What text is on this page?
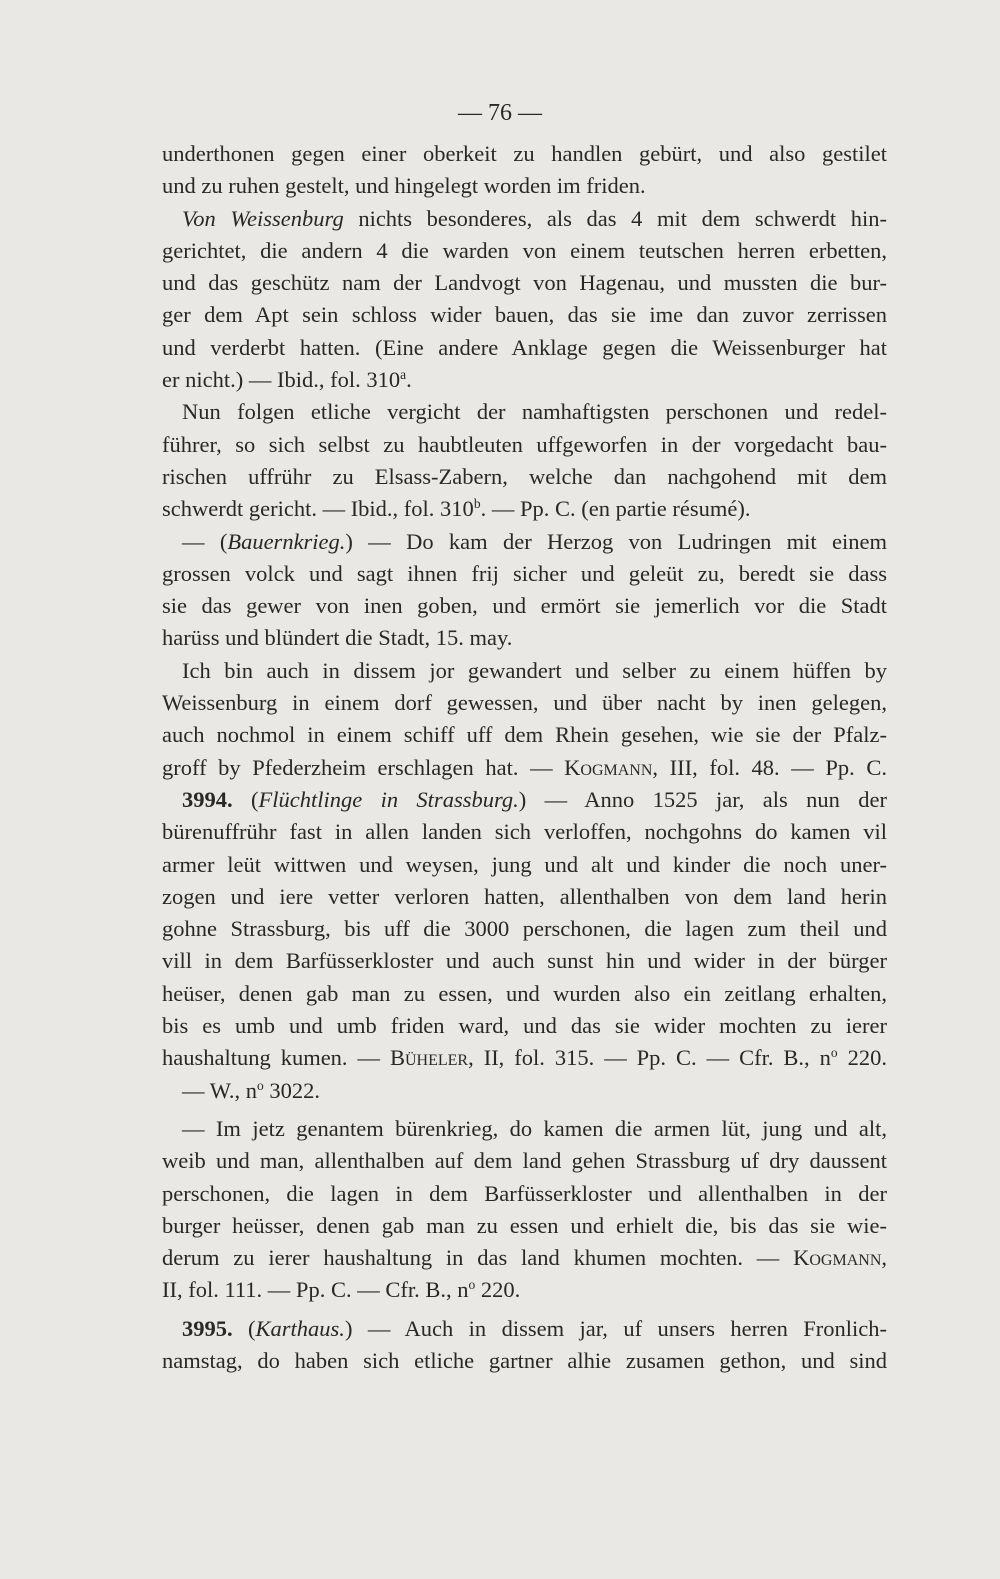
— 76 —
underthonen gegen einer oberkeit zu handlen gebürt, und also gestilet
und zu ruhen gestelt, und hingelegt worden im friden.
Von Weissenburg nichts besonderes, als das 4 mit dem schwerdt hin-
gerichtet, die andern 4 die warden von einem teutschen herren erbetten,
und das geschütz nam der Landvogt von Hagenau, und mussten die bur-
ger dem Apt sein schloss wider bauen, das sie ime dan zuvor zerrissen
und verderbt hatten. (Eine andere Anklage gegen die Weissenburger hat
er nicht.) — Ibid., fol. 310$^a$.
Nun folgen etliche vergicht der namhaftigsten perschonen und redel-
führer, so sich selbst zu haubtleuten uffgeworfen in der vorgedacht bau-
rischen uffrühr zu Elsass-Zabern, welche dan nachgohend mit dem
schwerdt gericht. — Ibid., fol. 310$^b$. — Pp. C. (en partie résumé).
— (Bauernkrieg.) — Do kam der Herzog von Ludringen mit einem
grossen volck und sagt ihnen frij sicher und geleüt zu, beredt sie dass
sie das gewer von inen goben, und ermört sie jemerlich vor die Stadt
harüss und blündert die Stadt, 15. may.
Ich bin auch in dissem jor gewandert und selber zu einem hüffen by
Weissenburg in einem dorf gewessen, und über nacht by inen gelegen,
auch nochmol in einem schiff uff dem Rhein gesehen, wie sie der Pfalz-
groff by Pfederzheim erschlagen hat. — Kogmann, III, fol. 48. — Pp. C.
3994. (Flüchtlinge in Strassburg.) — Anno 1525 jar, als nun der
bürenuffrühr fast in allen landen sich verloffen, nochgohns do kamen vil
armer leüt wittwen und weysen, jung und alt und kinder die noch uner-
zogen und iere vetter verloren hatten, allenthalben von dem land herin
gohne Strassburg, bis uff die 3000 perschonen, die lagen zum theil und
vill in dem Barfüsserkloster und auch sunst hin und wider in der bürger
heüser, denen gab man zu essen, und wurden also ein zeitlang erhalten,
bis es umb und umb friden ward, und das sie wider mochten zu ierer
haushaltung kumen. — Büheler, II, fol. 315. — Pp. C. — Cfr. B., $n^o$ 220.
— W., $n^o$ 3022.
— Im jetz genantem bürenkrieg, do kamen die armen lüt, jung und alt,
weib und man, allenthalben auf dem land gehen Strassburg uf dry daussent
perschonen, die lagen in dem Barfüsserkloster und allenthalben in der
burger heüsser, denen gab man zu essen und erhielt die, bis das sie wie-
derum zu ierer haushaltung in das land khumen mochten. — Kogmann,
II, fol. 111. — Pp. C. — Cfr. B., $n^o$ 220.
3995. (Karthaus.) — Auch in dissem jar, uf unsers herren Fronlich-
namstag, do haben sich etliche gartner alhie zusamen gethon, und sind
